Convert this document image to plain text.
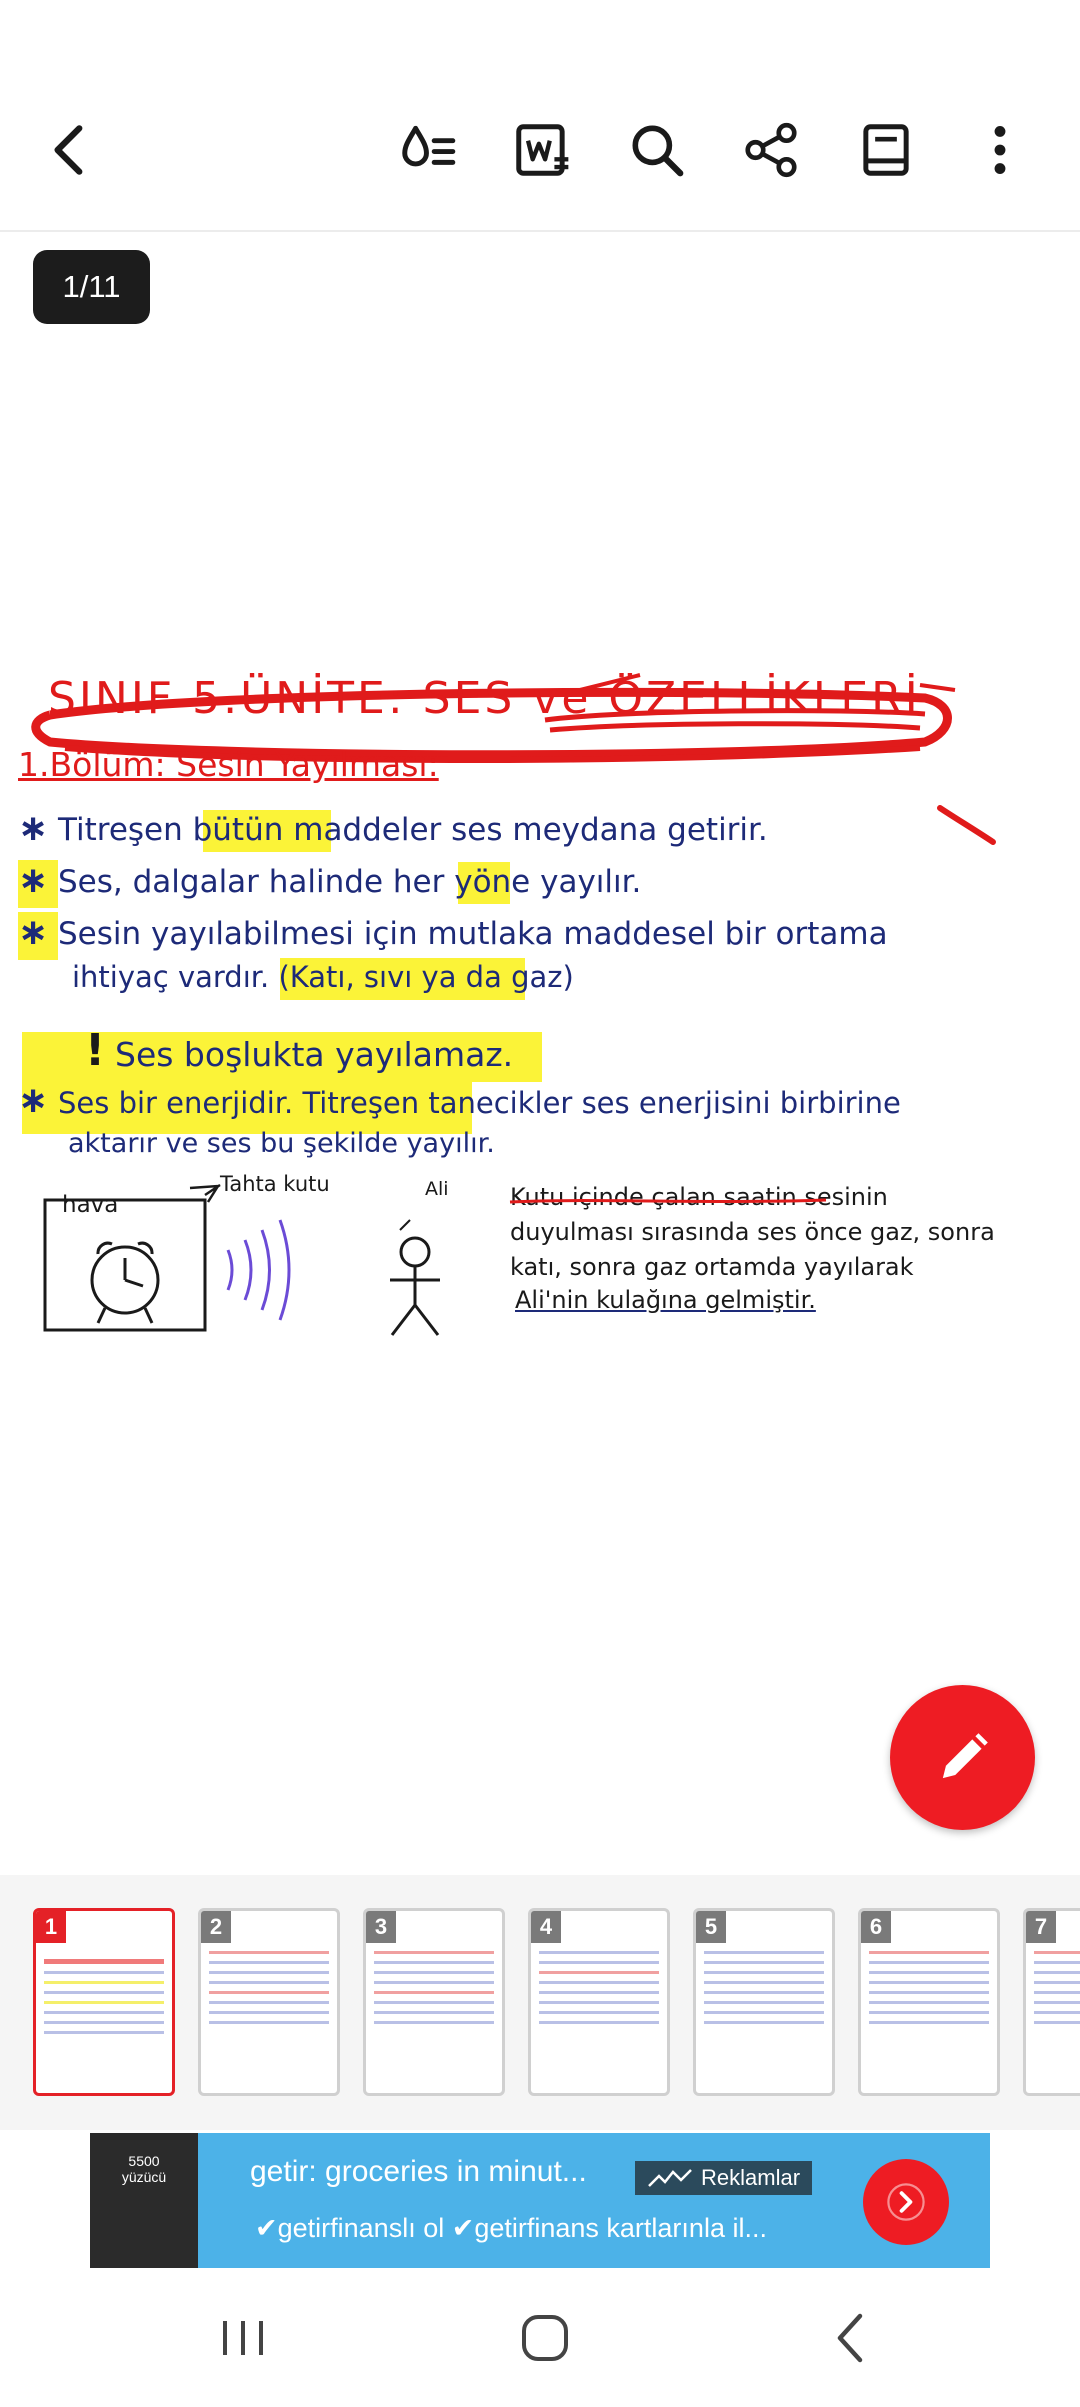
1/11
SINIF 5.ÜNİTE: SES ve ÖZELLİKLERİ
1.Bölüm: Sesin Yayılması:
∗ Titreşen bütün maddeler ses meydana getirir.
∗ Ses, dalgalar halinde her yöne yayılır.
∗ Sesin yayılabilmesi için mutlaka maddesel bir ortama
ihtiyaç vardır. (Katı, sıvı ya da gaz)
! Ses boşlukta yayılamaz.
∗ Ses bir enerjidir. Titreşen tanecikler ses enerjisini birbirine
aktarır ve ses bu şekilde yayılır.
hava
Tahta kutu	Ali	Kutu içinde çalan saatin sesinin
duyulması sırasında ses önce gaz, sonra
katı, sonra gaz ortamda yayılarak
Ali'nin kulağına gelmiştir.
1	2	3	4	5	6	7
5500 yüzücü	getir: groceries in minut...	Reklamlar
✔getirfinanslı ol ✔getirfinans kartlarınla il...
